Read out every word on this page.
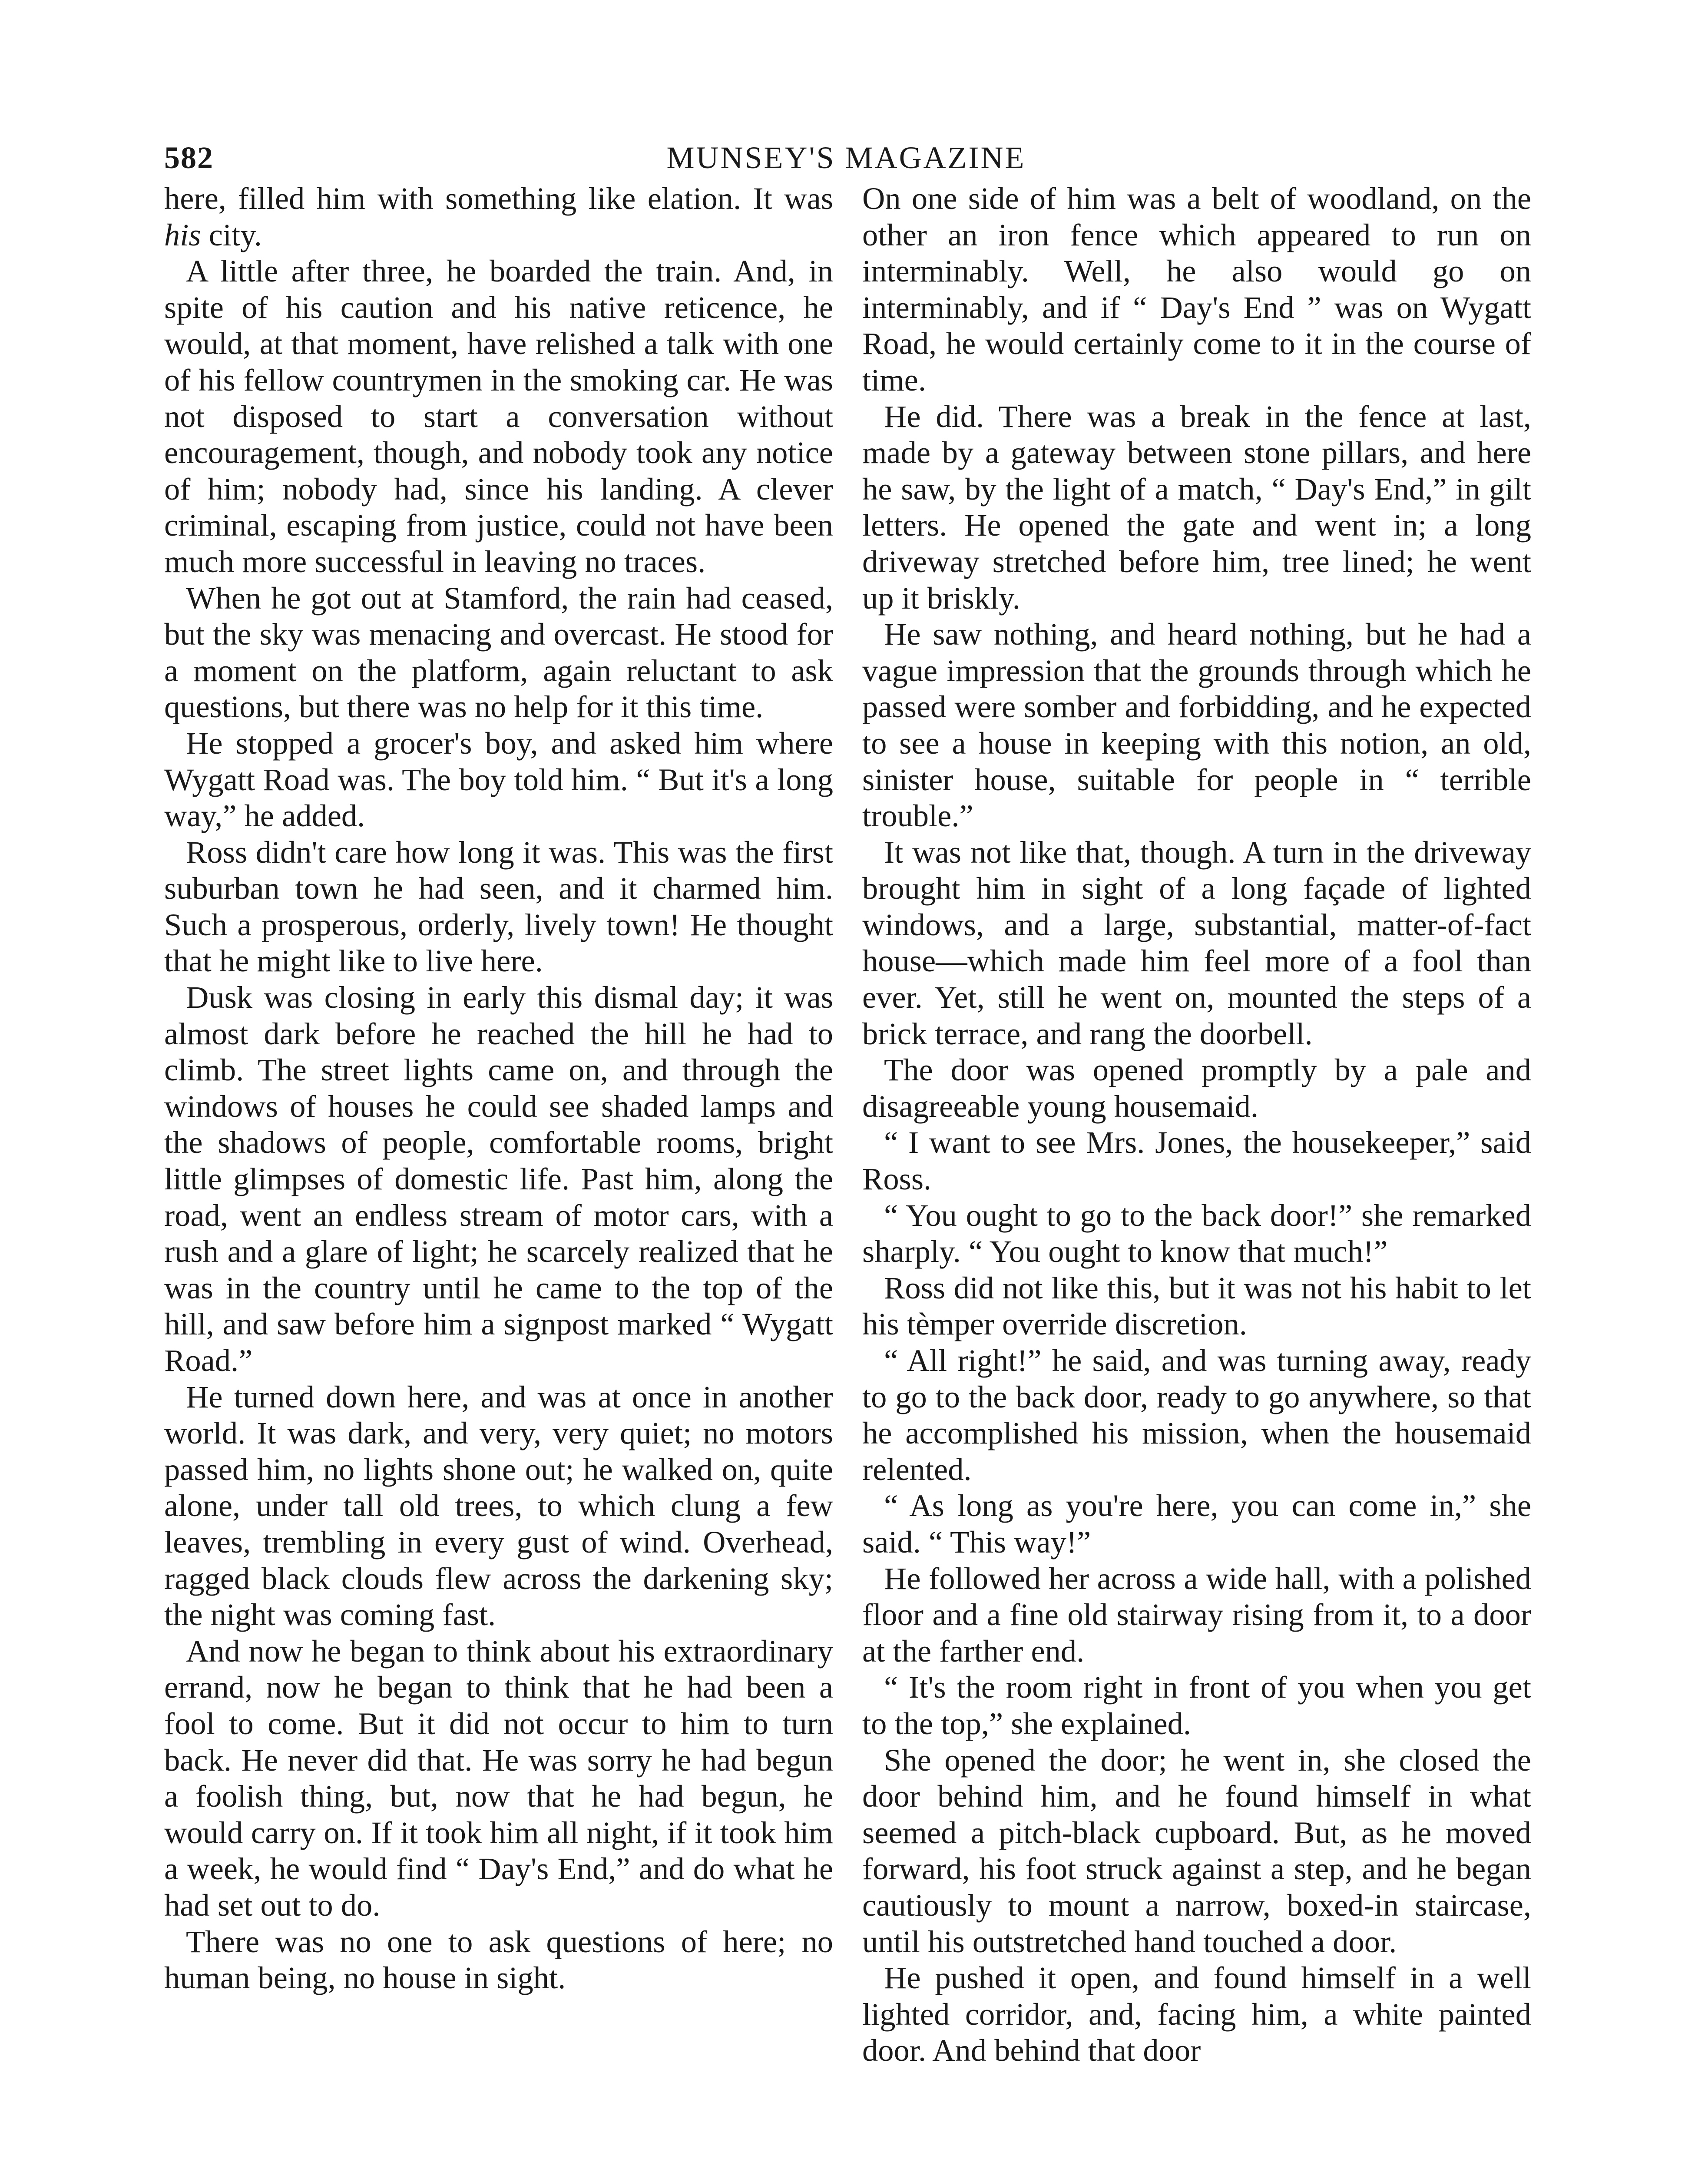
582	MUNSEY'S MAGAZINE

here, filled him with something like elation. It was his city.

A little after three, he boarded the train. And, in spite of his caution and his native reticence, he would, at that moment, have relished a talk with one of his fellow countrymen in the smoking car. He was not disposed to start a conversation without encouragement, though, and nobody took any notice of him; nobody had, since his landing. A clever criminal, escaping from justice, could not have been much more successful in leaving no traces.

When he got out at Stamford, the rain had ceased, but the sky was menacing and overcast. He stood for a moment on the platform, again reluctant to ask questions, but there was no help for it this time.

He stopped a grocer's boy, and asked him where Wygatt Road was. The boy told him. “ But it's a long way,” he added.

Ross didn't care how long it was. This was the first suburban town he had seen, and it charmed him. Such a prosperous, orderly, lively town! He thought that he might like to live here.

Dusk was closing in early this dismal day; it was almost dark before he reached the hill he had to climb. The street lights came on, and through the windows of houses he could see shaded lamps and the shadows of people, comfortable rooms, bright little glimpses of domestic life. Past him, along the road, went an endless stream of motor cars, with a rush and a glare of light; he scarcely realized that he was in the country until he came to the top of the hill, and saw before him a signpost marked “ Wygatt Road.”

He turned down here, and was at once in another world. It was dark, and very, very quiet; no motors passed him, no lights shone out; he walked on, quite alone, under tall old trees, to which clung a few leaves, trembling in every gust of wind. Overhead, ragged black clouds flew across the darkening sky; the night was coming fast.

And now he began to think about his extraordinary errand, now he began to think that he had been a fool to come. But it did not occur to him to turn back. He never did that. He was sorry he had begun a foolish thing, but, now that he had begun, he would carry on. If it took him all night, if it took him a week, he would find “ Day's End,” and do what he had set out to do.

There was no one to ask questions of here; no human being, no house in sight.

On one side of him was a belt of woodland, on the other an iron fence which appeared to run on interminably. Well, he also would go on interminably, and if “ Day's End ” was on Wygatt Road, he would certainly come to it in the course of time.

He did. There was a break in the fence at last, made by a gateway between stone pillars, and here he saw, by the light of a match, “ Day's End,” in gilt letters. He opened the gate and went in; a long driveway stretched before him, tree lined; he went up it briskly.

He saw nothing, and heard nothing, but he had a vague impression that the grounds through which he passed were somber and forbidding, and he expected to see a house in keeping with this notion, an old, sinister house, suitable for people in “ terrible trouble.”

It was not like that, though. A turn in the driveway brought him in sight of a long façade of lighted windows, and a large, substantial, matter-of-fact house—which made him feel more of a fool than ever. Yet, still he went on, mounted the steps of a brick terrace, and rang the doorbell.

The door was opened promptly by a pale and disagreeable young housemaid.

“ I want to see Mrs. Jones, the housekeeper,” said Ross.

“ You ought to go to the back door!” she remarked sharply. “ You ought to know that much!”

Ross did not like this, but it was not his habit to let his tèmper override discretion.

“ All right!” he said, and was turning away, ready to go to the back door, ready to go anywhere, so that he accomplished his mission, when the housemaid relented.

“ As long as you're here, you can come in,” she said. “ This way!”

He followed her across a wide hall, with a polished floor and a fine old stairway rising from it, to a door at the farther end.

“ It's the room right in front of you when you get to the top,” she explained.

She opened the door; he went in, she closed the door behind him, and he found himself in what seemed a pitch-black cupboard. But, as he moved forward, his foot struck against a step, and he began cautiously to mount a narrow, boxed-in staircase, until his outstretched hand touched a door.

He pushed it open, and found himself in a well lighted corridor, and, facing him, a white painted door. And behind that door
